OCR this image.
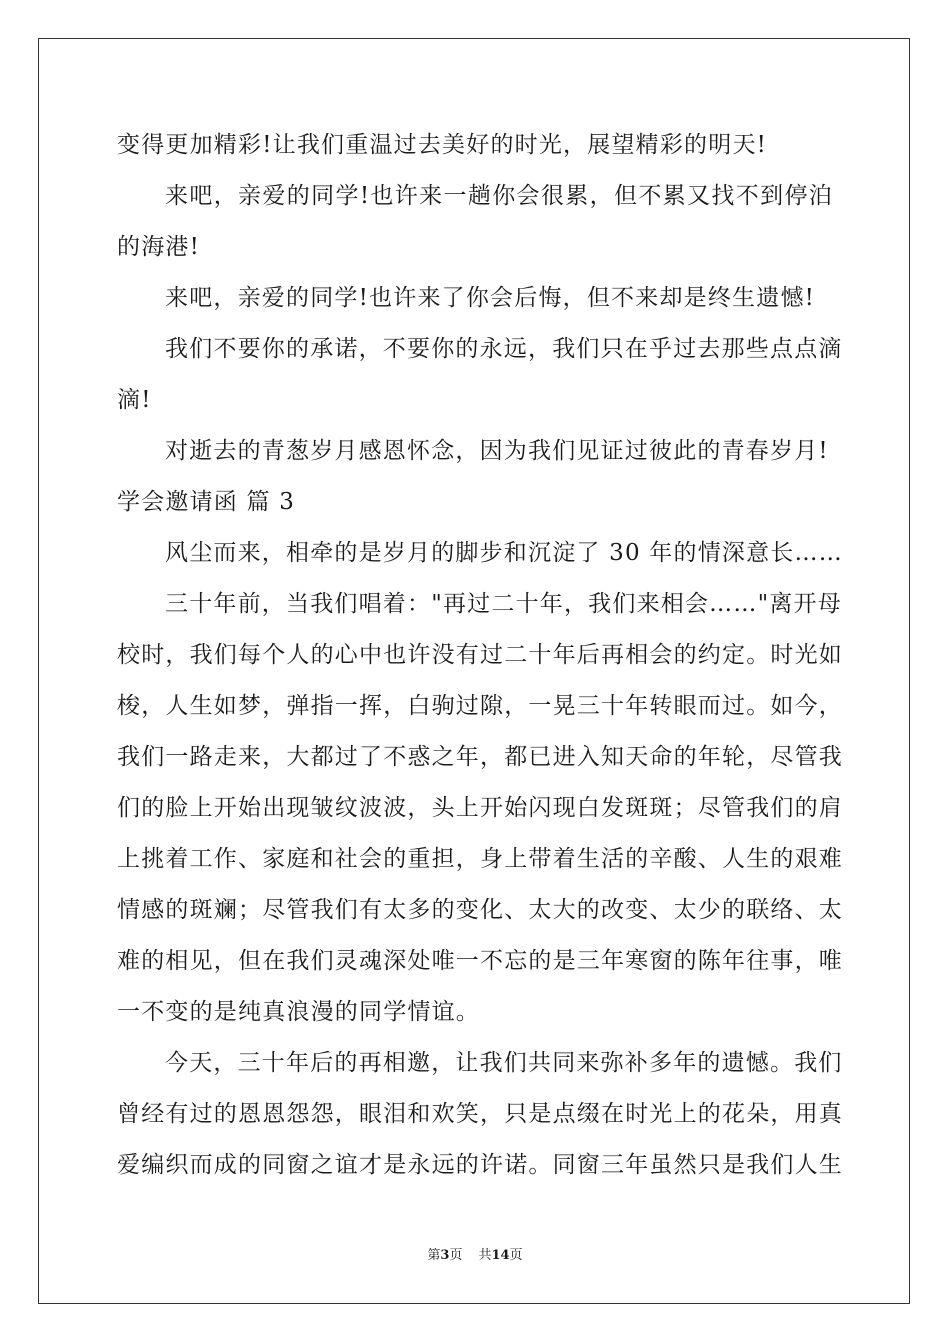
变得更加精彩!让我们重温过去美好的时光，展望精彩的明天!
来吧，亲爱的同学!也许来一趟你会很累，但不累又找不到停泊
的海港!
来吧，亲爱的同学!也许来了你会后悔，但不来却是终生遗憾!
我们不要你的承诺，不要你的永远，我们只在乎过去那些点点滴
滴!
对逝去的青葱岁月感恩怀念，因为我们见证过彼此的青春岁月!
学会邀请函 篇 3
风尘而来，相牵的是岁月的脚步和沉淀了 30 年的情深意长……
三十年前，当我们唱着："再过二十年，我们来相会……"离开母
校时，我们每个人的心中也许没有过二十年后再相会的约定。时光如
梭，人生如梦，弹指一挥，白驹过隙，一晃三十年转眼而过。如今，
我们一路走来，大都过了不惑之年，都已进入知天命的年轮，尽管我
们的脸上开始出现皱纹波波，头上开始闪现白发斑斑；尽管我们的肩
上挑着工作、家庭和社会的重担，身上带着生活的辛酸、人生的艰难
情感的斑斓；尽管我们有太多的变化、太大的改变、太少的联络、太
难的相见，但在我们灵魂深处唯一不忘的是三年寒窗的陈年往事，唯
一不变的是纯真浪漫的同学情谊。
今天，三十年后的再相邀，让我们共同来弥补多年的遗憾。我们
曾经有过的恩恩怨怨，眼泪和欢笑，只是点缀在时光上的花朵，用真
爱编织而成的同窗之谊才是永远的许诺。同窗三年虽然只是我们人生
第3页 共14页
